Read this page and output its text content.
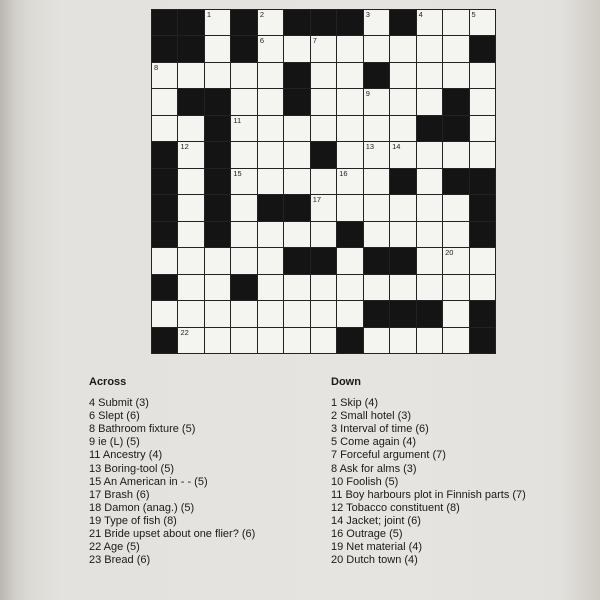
1	2	3	4	5
6	7
8
9
11
12	13 14
15	16
17
20
22
Across
4 Submit (3)
6 Slept (6)
8 Bathroom fixture (5)
9 ie (L) (5)
11 Ancestry (4)
13 Boring-tool (5)
15 An American in - - (5)
17 Brash (6)
18 Damon (anag.) (5)
19 Type of fish (8)
21 Bride upset about one flier? (6)
22 Age (5)
23 Bread (6)
Down
1 Skip (4)
2 Small hotel (3)
3 Interval of time (6)
5 Come again (4)
7 Forceful argument (7)
8 Ask for alms (3)
10 Foolish (5)
11 Boy harbours plot in Finnish parts (7)
12 Tobacco constituent (8)
14 Jacket; joint (6)
16 Outrage (5)
19 Net material (4)
20 Dutch town (4)
